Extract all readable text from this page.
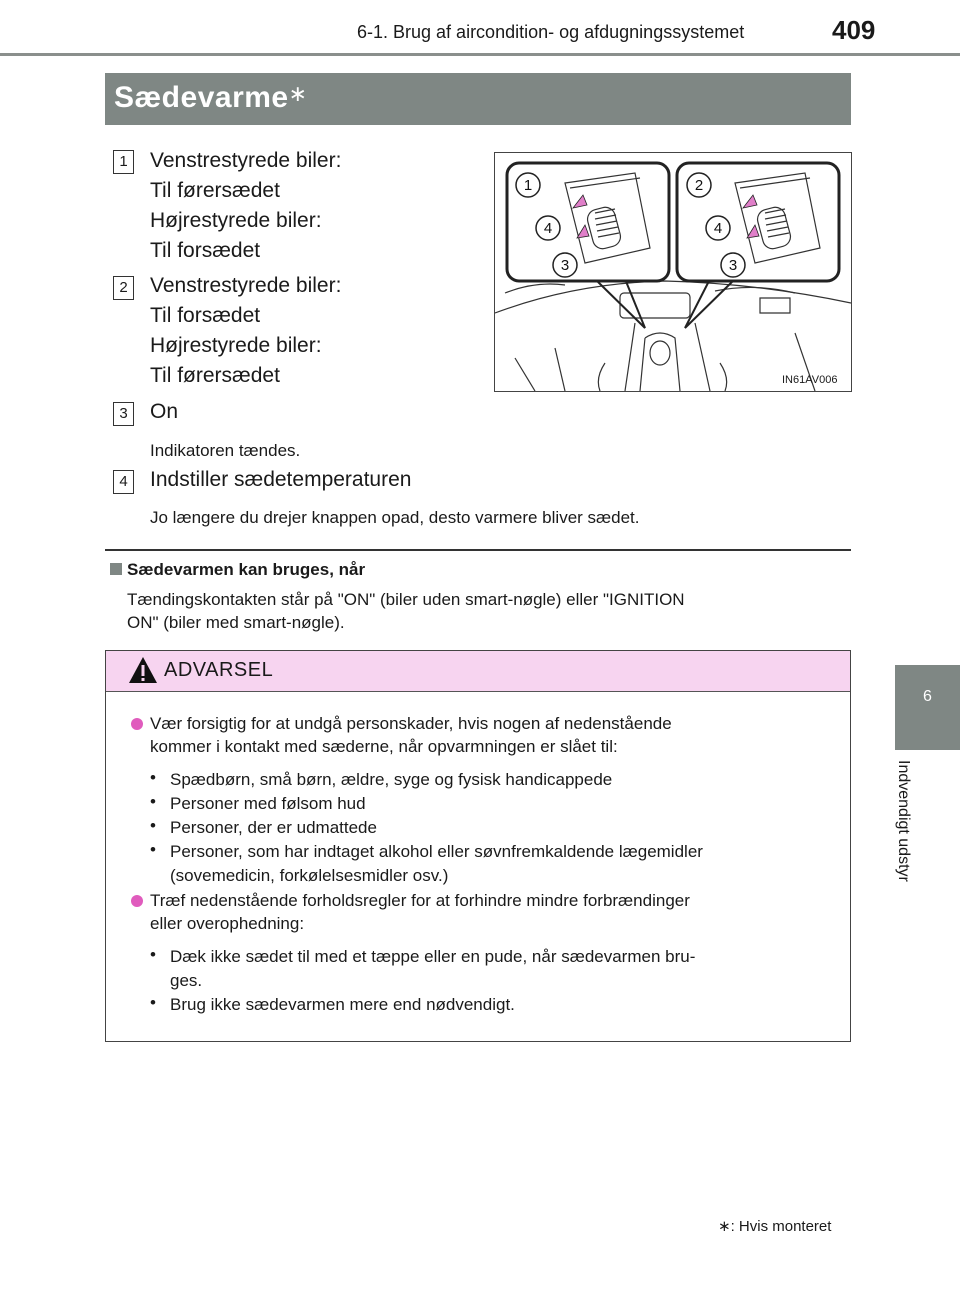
6-1. Brug af aircondition- og afdugningssystemet	409
6
Indvendigt udstyr
Sædevarme∗
1	Venstrestyrede biler:
Til førersædet
Højrestyrede biler:
Til forsædet
2	Venstrestyrede biler:
Til forsædet
Højrestyrede biler:
Til førersædet
3	On
Indikatoren tændes.
4	Indstiller sædetemperaturen
Jo længere du drejer knappen opad, desto varmere bliver sædet.
1	2
4	4
3	3
IN61AV006
Sædevarmen kan bruges, når
Tændingskontakten står på "ON" (biler uden smart-nøgle) eller "IGNITION
ON" (biler med smart-nøgle).
ADVARSEL
Vær forsigtig for at undgå personskader, hvis nogen af nedenstående
kommer i kontakt med sæderne, når opvarmningen er slået til:
• Spædbørn, små børn, ældre, syge og fysisk handicappede
• Personer med følsom hud
• Personer, der er udmattede
• Personer, som har indtaget alkohol eller søvnfremkaldende lægemidler
(sovemedicin, forkølelsesmidler osv.)
Træf nedenstående forholdsregler for at forhindre mindre forbrændinger
eller overophedning:
• Dæk ikke sædet til med et tæppe eller en pude, når sædevarmen bru-
ges.
• Brug ikke sædevarmen mere end nødvendigt.
∗: Hvis monteret
